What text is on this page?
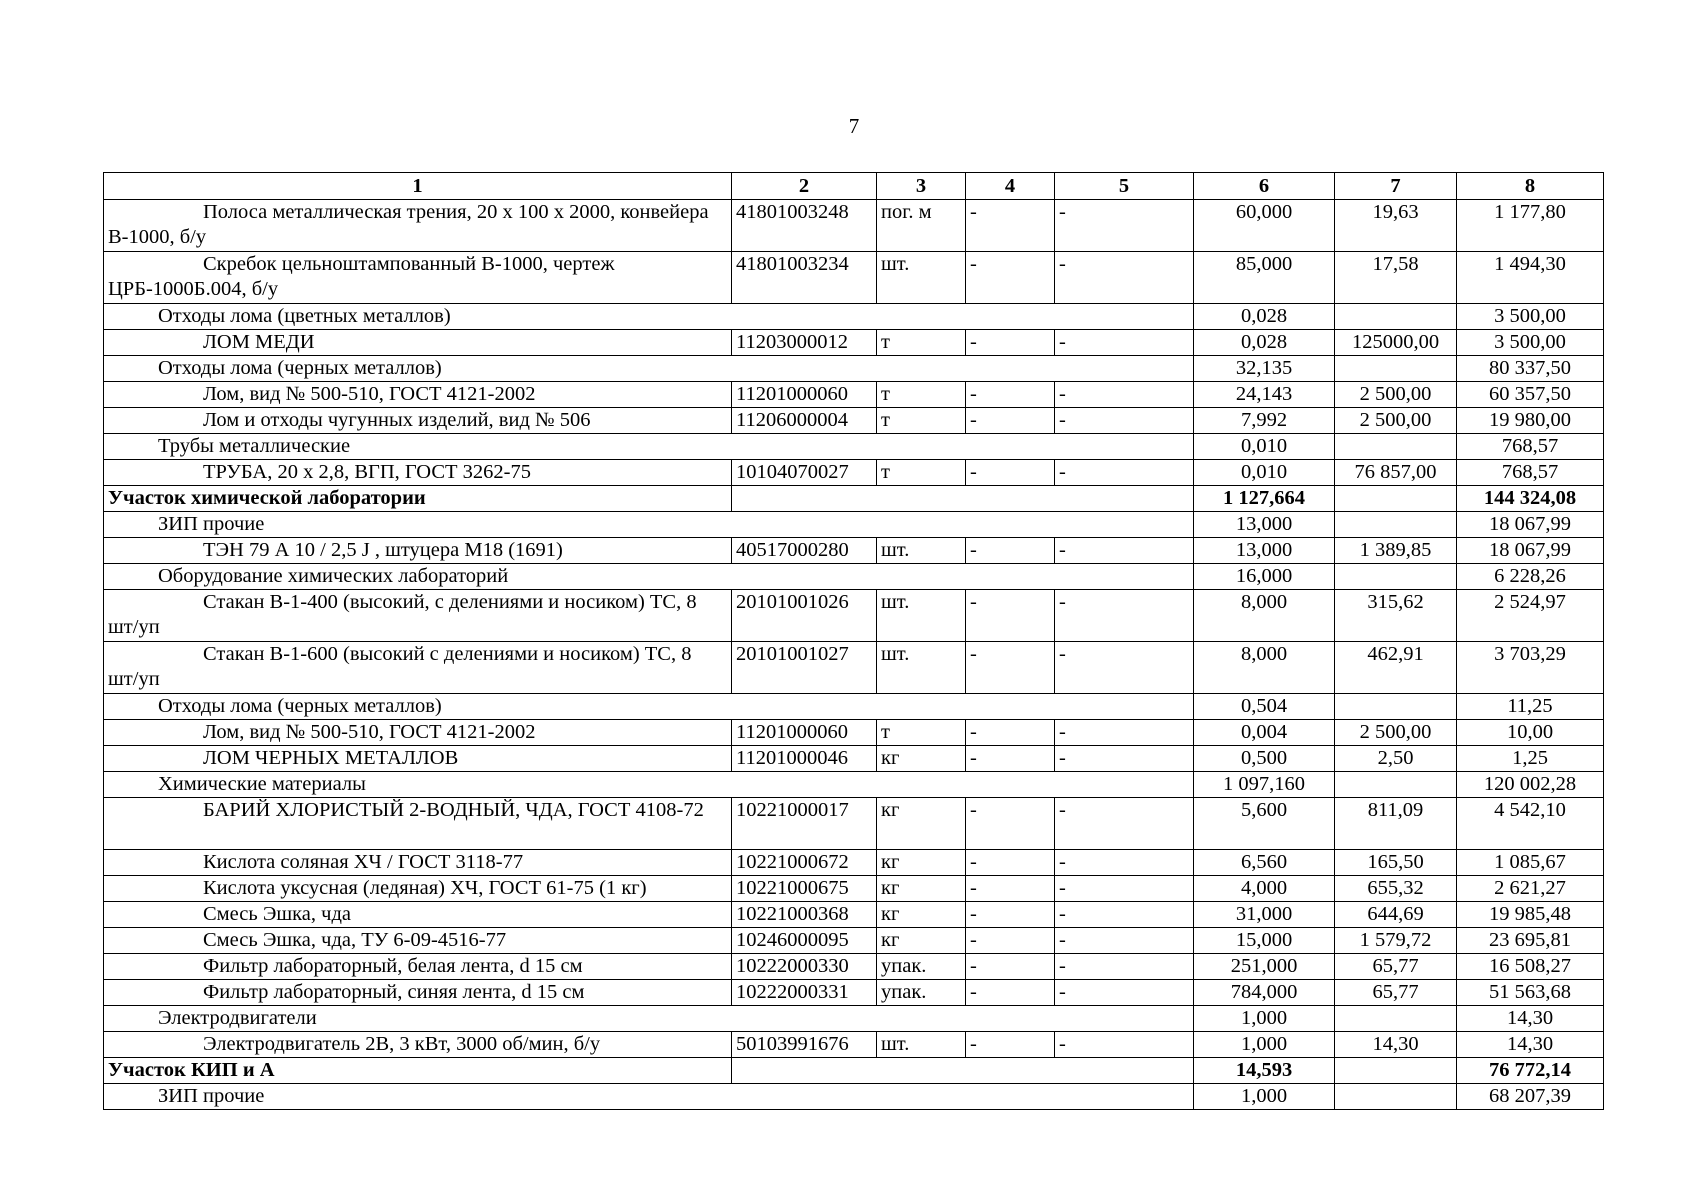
7
1	2	3	4	5	6	7	8
Полоса металлическая трения, 20 х 100 х 2000, конвейера В-1000, б/у	41801003248	пог. м	-	-	60,000	19,63	1 177,80
Скребок цельноштампованный В-1000, чертеж ЦРБ-1000Б.004, б/у	41801003234	шт.	-	-	85,000	17,58	1 494,30
Отходы лома (цветных металлов)					0,028		3 500,00
ЛОМ МЕДИ	11203000012	т	-	-	0,028	125000,00	3 500,00
Отходы лома (черных металлов)					32,135		80 337,50
Лом, вид № 500-510, ГОСТ 4121-2002	11201000060	т	-	-	24,143	2 500,00	60 357,50
Лом и отходы чугунных изделий, вид № 506	11206000004	т	-	-	7,992	2 500,00	19 980,00
Трубы металлические					0,010		768,57
ТРУБА, 20 х 2,8, ВГП, ГОСТ 3262-75	10104070027	т	-	-	0,010	76 857,00	768,57
Участок химической лаборатории					1 127,664		144 324,08
ЗИП прочие					13,000		18 067,99
ТЭН 79 А 10 / 2,5 J , штуцера М18 (1691)	40517000280	шт.	-	-	13,000	1 389,85	18 067,99
Оборудование химических лабораторий					16,000		6 228,26
Стакан В-1-400 (высокий, с делениями и носиком) ТС, 8 шт/уп	20101001026	шт.	-	-	8,000	315,62	2 524,97
Стакан В-1-600 (высокий с делениями и носиком) ТС, 8 шт/уп	20101001027	шт.	-	-	8,000	462,91	3 703,29
Отходы лома (черных металлов)					0,504		11,25
Лом, вид № 500-510, ГОСТ 4121-2002	11201000060	т	-	-	0,004	2 500,00	10,00
ЛОМ ЧЕРНЫХ МЕТАЛЛОВ	11201000046	кг	-	-	0,500	2,50	1,25
Химические материалы					1 097,160		120 002,28
БАРИЙ ХЛОРИСТЫЙ 2-ВОДНЫЙ, ЧДА, ГОСТ 4108-72	10221000017	кг	-	-	5,600	811,09	4 542,10
Кислота соляная ХЧ / ГОСТ 3118-77	10221000672	кг	-	-	6,560	165,50	1 085,67
Кислота уксусная (ледяная) ХЧ, ГОСТ 61-75 (1 кг)	10221000675	кг	-	-	4,000	655,32	2 621,27
Смесь Эшка, чда	10221000368	кг	-	-	31,000	644,69	19 985,48
Смесь Эшка, чда, ТУ 6-09-4516-77	10246000095	кг	-	-	15,000	1 579,72	23 695,81
Фильтр лабораторный, белая лента, d 15 см	10222000330	упак.	-	-	251,000	65,77	16 508,27
Фильтр лабораторный, синяя лента, d 15 см	10222000331	упак.	-	-	784,000	65,77	51 563,68
Электродвигатели					1,000		14,30
Электродвигатель 2В, 3 кВт, 3000 об/мин, б/у	50103991676	шт.	-	-	1,000	14,30	14,30
Участок КИП и А					14,593		76 772,14
ЗИП прочие					1,000		68 207,39
